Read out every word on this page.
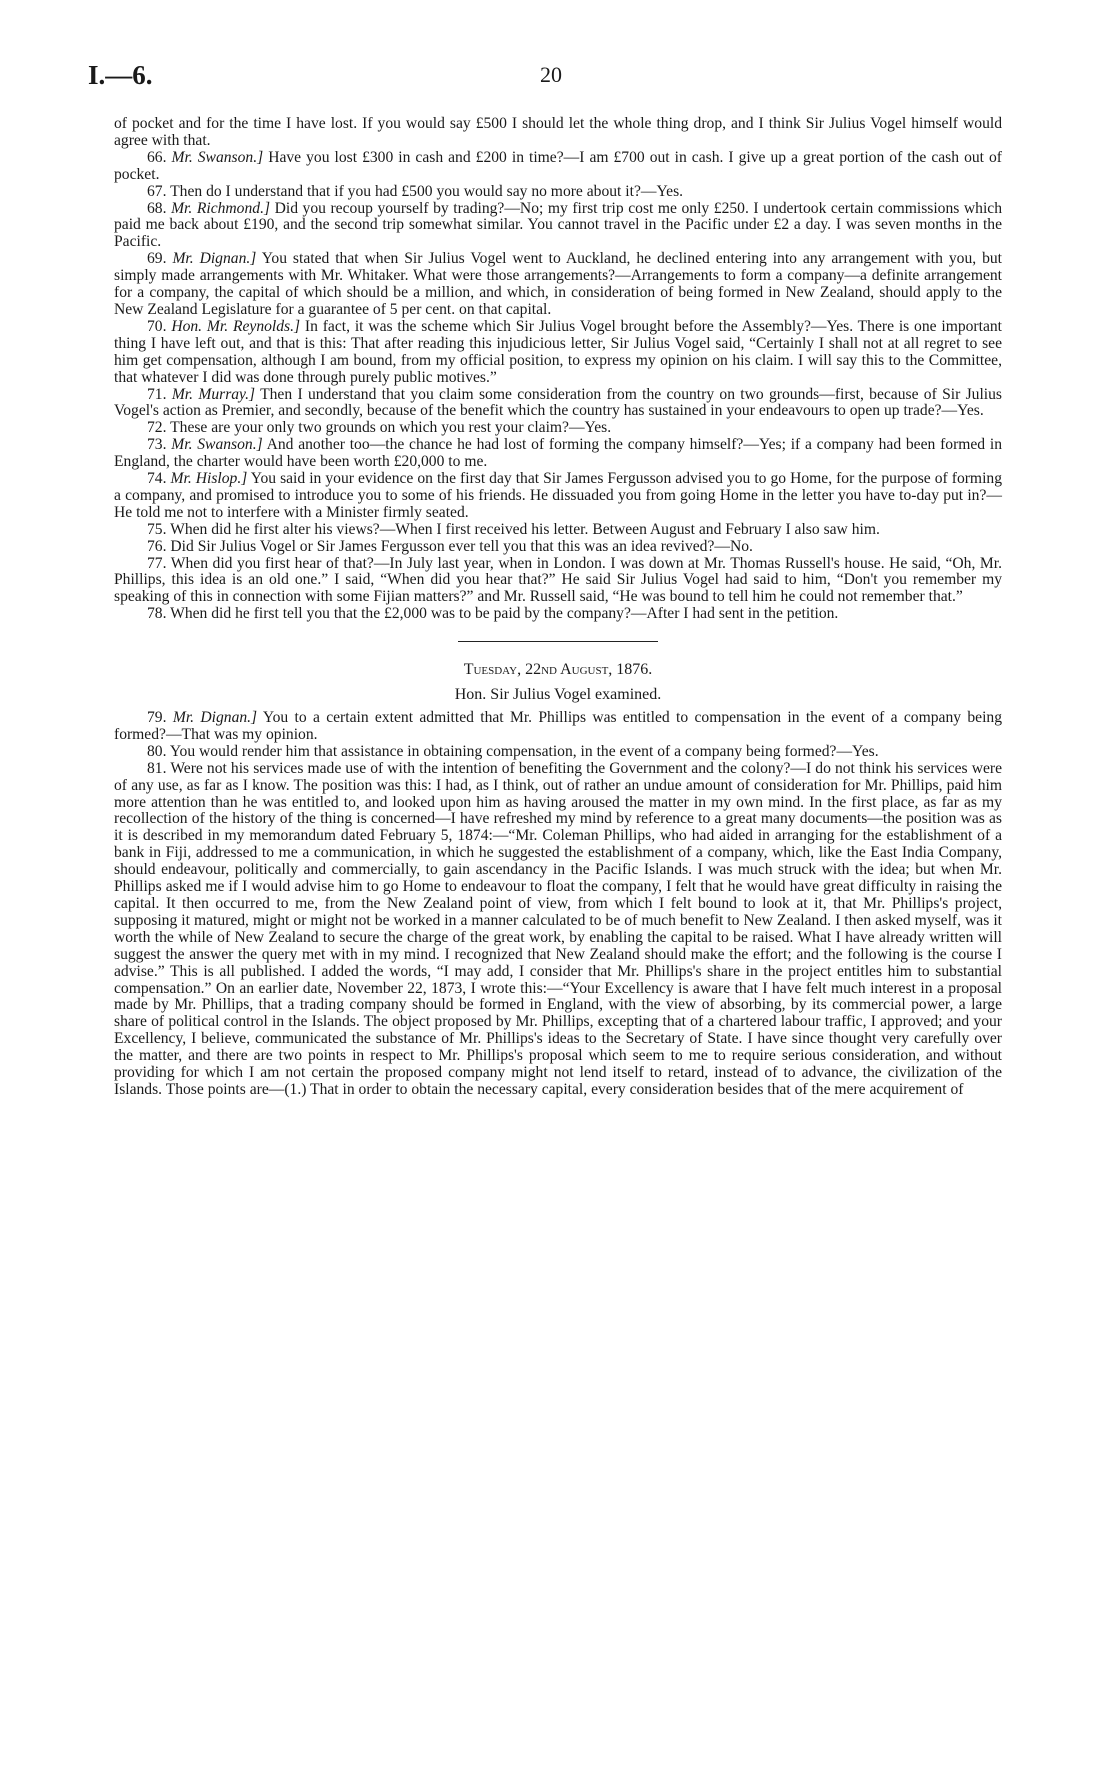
I.—6.	20

of pocket and for the time I have lost. If you would say £500 I should let the whole thing drop, and I think Sir Julius Vogel himself would agree with that.

66. Mr. Swanson.] Have you lost £300 in cash and £200 in time?—I am £700 out in cash. I give up a great portion of the cash out of pocket.

67. Then do I understand that if you had £500 you would say no more about it?—Yes.

68. Mr. Richmond.] Did you recoup yourself by trading?—No; my first trip cost me only £250. I undertook certain commissions which paid me back about £190, and the second trip somewhat similar. You cannot travel in the Pacific under £2 a day. I was seven months in the Pacific.

69. Mr. Dignan.] You stated that when Sir Julius Vogel went to Auckland, he declined entering into any arrangement with you, but simply made arrangements with Mr. Whitaker. What were those arrangements?—Arrangements to form a company—a definite arrangement for a company, the capital of which should be a million, and which, in consideration of being formed in New Zealand, should apply to the New Zealand Legislature for a guarantee of 5 per cent. on that capital.

70. Hon. Mr. Reynolds.] In fact, it was the scheme which Sir Julius Vogel brought before the Assembly?—Yes. There is one important thing I have left out, and that is this: That after reading this injudicious letter, Sir Julius Vogel said, “Certainly I shall not at all regret to see him get compensation, although I am bound, from my official position, to express my opinion on his claim. I will say this to the Committee, that whatever I did was done through purely public motives.”

71. Mr. Murray.] Then I understand that you claim some consideration from the country on two grounds—first, because of Sir Julius Vogel's action as Premier, and secondly, because of the benefit which the country has sustained in your endeavours to open up trade?—Yes.

72. These are your only two grounds on which you rest your claim?—Yes.

73. Mr. Swanson.] And another too—the chance he had lost of forming the company himself?—Yes; if a company had been formed in England, the charter would have been worth £20,000 to me.

74. Mr. Hislop.] You said in your evidence on the first day that Sir James Fergusson advised you to go Home, for the purpose of forming a company, and promised to introduce you to some of his friends. He dissuaded you from going Home in the letter you have to-day put in?—He told me not to interfere with a Minister firmly seated.

75. When did he first alter his views?—When I first received his letter. Between August and February I also saw him.

76. Did Sir Julius Vogel or Sir James Fergusson ever tell you that this was an idea revived?—No.

77. When did you first hear of that?—In July last year, when in London. I was down at Mr. Thomas Russell's house. He said, “Oh, Mr. Phillips, this idea is an old one.” I said, “When did you hear that?” He said Sir Julius Vogel had said to him, “Don't you remember my speaking of this in connection with some Fijian matters?” and Mr. Russell said, “He was bound to tell him he could not remember that.”

78. When did he first tell you that the £2,000 was to be paid by the company?—After I had sent in the petition.

Tuesday, 22nd August, 1876.

Hon. Sir Julius Vogel examined.

79. Mr. Dignan.] You to a certain extent admitted that Mr. Phillips was entitled to compensation in the event of a company being formed?—That was my opinion.

80. You would render him that assistance in obtaining compensation, in the event of a company being formed?—Yes.

81. Were not his services made use of with the intention of benefiting the Government and the colony?—I do not think his services were of any use, as far as I know. The position was this: I had, as I think, out of rather an undue amount of consideration for Mr. Phillips, paid him more attention than he was entitled to, and looked upon him as having aroused the matter in my own mind. In the first place, as far as my recollection of the history of the thing is concerned—I have refreshed my mind by reference to a great many documents—the position was as it is described in my memorandum dated February 5, 1874:—“Mr. Coleman Phillips, who had aided in arranging for the establishment of a bank in Fiji, addressed to me a communication, in which he suggested the establishment of a company, which, like the East India Company, should endeavour, politically and commercially, to gain ascendancy in the Pacific Islands. I was much struck with the idea; but when Mr. Phillips asked me if I would advise him to go Home to endeavour to float the company, I felt that he would have great difficulty in raising the capital. It then occurred to me, from the New Zealand point of view, from which I felt bound to look at it, that Mr. Phillips's project, supposing it matured, might or might not be worked in a manner calculated to be of much benefit to New Zealand. I then asked myself, was it worth the while of New Zealand to secure the charge of the great work, by enabling the capital to be raised. What I have already written will suggest the answer the query met with in my mind. I recognized that New Zealand should make the effort; and the following is the course I advise.” This is all published. I added the words, “I may add, I consider that Mr. Phillips's share in the project entitles him to substantial compensation.” On an earlier date, November 22, 1873, I wrote this:—“Your Excellency is aware that I have felt much interest in a proposal made by Mr. Phillips, that a trading company should be formed in England, with the view of absorbing, by its commercial power, a large share of political control in the Islands. The object proposed by Mr. Phillips, excepting that of a chartered labour traffic, I approved; and your Excellency, I believe, communicated the substance of Mr. Phillips's ideas to the Secretary of State. I have since thought very carefully over the matter, and there are two points in respect to Mr. Phillips's proposal which seem to me to require serious consideration, and without providing for which I am not certain the proposed company might not lend itself to retard, instead of to advance, the civilization of the Islands. Those points are—(1.) That in order to obtain the necessary capital, every consideration besides that of the mere acquirement of
